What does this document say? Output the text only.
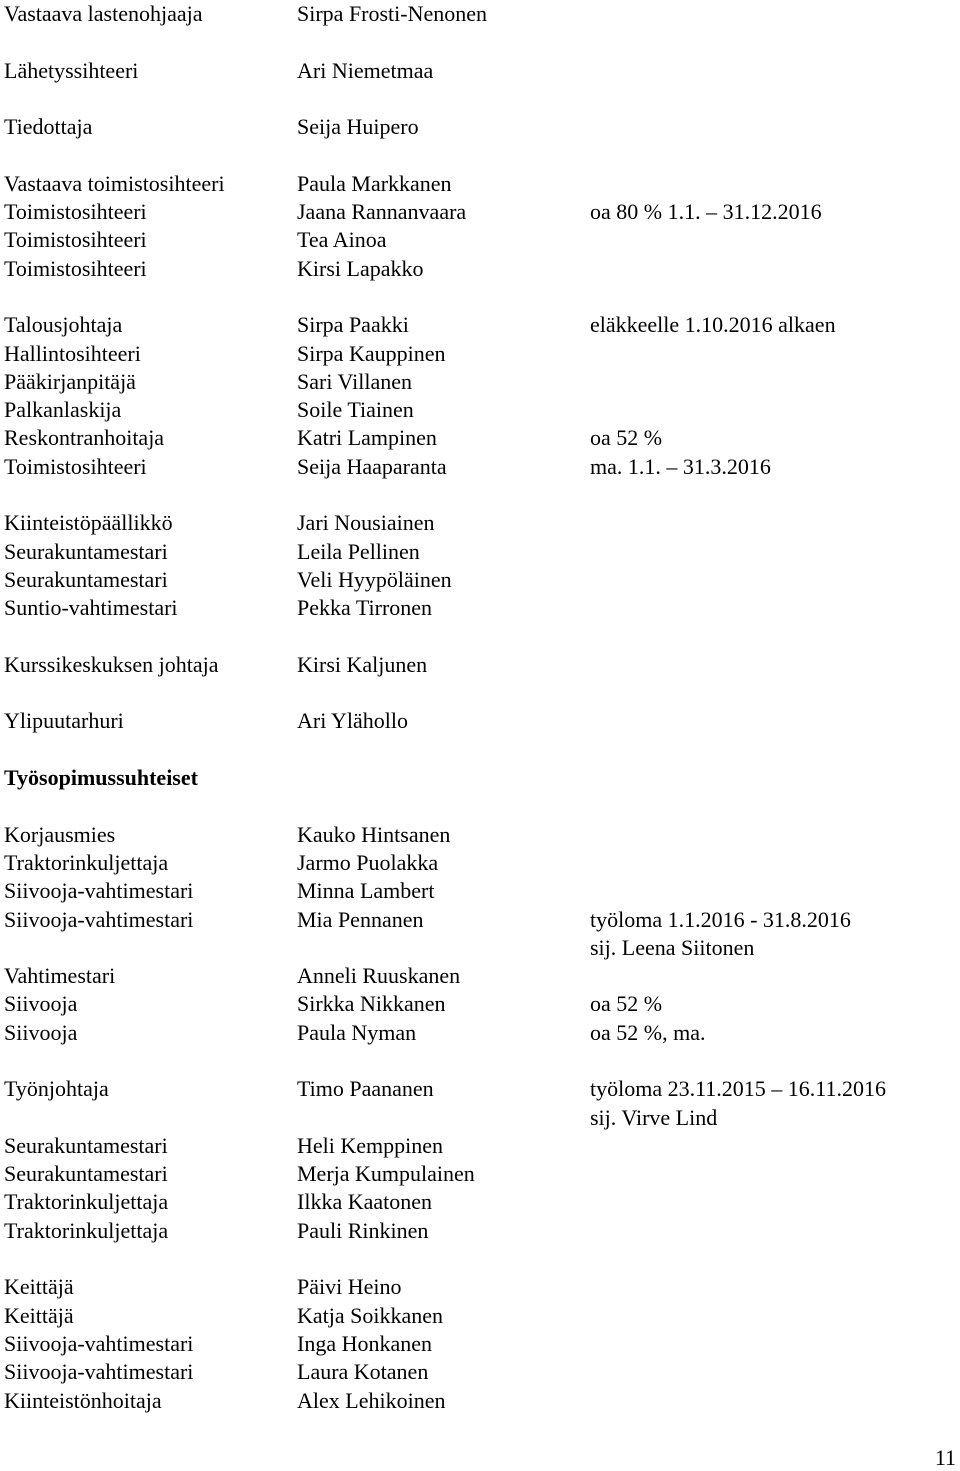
Vastaava lastenohjaaja	Sirpa Frosti-Nenonen
Lähetyssihteeri	Ari Niemetmaa
Tiedottaja	Seija Huipero
Vastaava toimistosihteeri	Paula Markkanen
Toimistosihteeri	Jaana Rannanvaara	oa 80 % 1.1. – 31.12.2016
Toimistosihteeri	Tea Ainoa
Toimistosihteeri	Kirsi Lapakko
Talousjohtaja	Sirpa Paakki	eläkkeelle 1.10.2016 alkaen
Hallintosihteeri	Sirpa Kauppinen
Pääkirjanpitäjä	Sari Villanen
Palkanlaskija	Soile Tiainen
Reskontranhoitaja	Katri Lampinen	oa 52 %
Toimistosihteeri	Seija Haaparanta	ma. 1.1. – 31.3.2016
Kiinteistöpäällikkö	Jari Nousiainen
Seurakuntamestari	Leila Pellinen
Seurakuntamestari	Veli Hyypöläinen
Suntio-vahtimestari	Pekka Tirronen
Kurssikeskuksen johtaja	Kirsi Kaljunen
Ylipuutarhuri	Ari Ylähollo
Työsopimussuhteiset
Korjausmies	Kauko Hintsanen
Traktorinkuljettaja	Jarmo Puolakka
Siivooja-vahtimestari	Minna Lambert
Siivooja-vahtimestari	Mia Pennanen	työloma 1.1.2016 - 31.8.2016
sij. Leena Siitonen
Vahtimestari	Anneli Ruuskanen
Siivooja	Sirkka Nikkanen	oa 52 %
Siivooja	Paula Nyman	oa 52 %, ma.
Työnjohtaja	Timo Paananen	työloma 23.11.2015 – 16.11.2016
sij. Virve Lind
Seurakuntamestari	Heli Kemppinen
Seurakuntamestari	Merja Kumpulainen
Traktorinkuljettaja	Ilkka Kaatonen
Traktorinkuljettaja	Pauli Rinkinen
Keittäjä	Päivi Heino
Keittäjä	Katja Soikkanen
Siivooja-vahtimestari	Inga Honkanen
Siivooja-vahtimestari	Laura Kotanen
Kiinteistönhoitaja	Alex Lehikoinen
11
